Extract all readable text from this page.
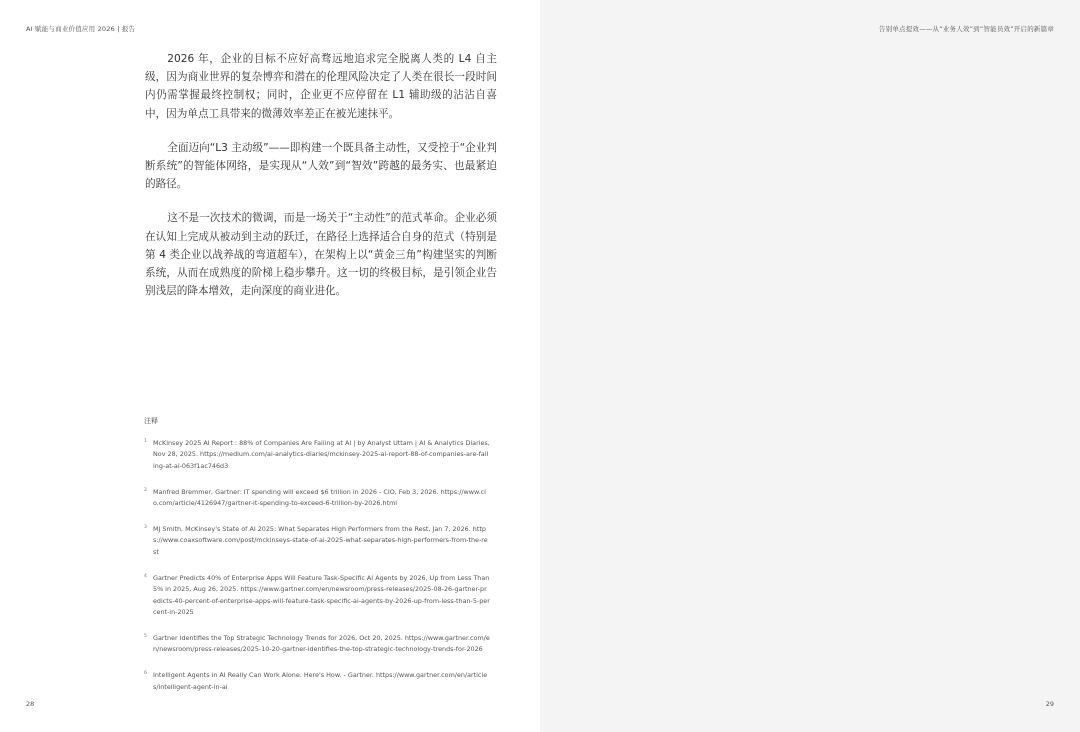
AI 赋能与商业价值应用 2026 | 报告

2026 年，企业的目标不应好高骛远地追求完全脱离人类的 L4 自主级，因为商业世界的复杂博弈和潜在的伦理风险决定了人类在很长一段时间内仍需掌握最终控制权；同时，企业更不应停留在 L1 辅助级的沾沾自喜中，因为单点工具带来的微薄效率差正在被光速抹平。

全面迈向“L3 主动级”——即构建一个既具备主动性，又受控于“企业判断系统”的智能体网络，是实现从“人效”到“智效”跨越的最务实、也最紧迫的路径。

这不是一次技术的微调，而是一场关于“主动性”的范式革命。企业必须在认知上完成从被动到主动的跃迁，在路径上选择适合自身的范式（特别是第 4 类企业以战养战的弯道超车），在架构上以“黄金三角”构建坚实的判断系统，从而在成熟度的阶梯上稳步攀升。这一切的终极目标，是引领企业告别浅层的降本增效，走向深度的商业进化。

注释
1 McKinsey 2025 AI Report : 88% of Companies Are Failing at AI | by Analyst Uttam | AI & Analytics Diaries, Nov 28, 2025. https://medium.com/ai-analytics-diaries/mckinsey-2025-ai-report-88-of-companies-are-failing-at-ai-063f1ac746d3
2 Manfred Bremmer, Gartner: IT spending will exceed $6 trillion in 2026 - CIO, Feb 3, 2026. https://www.cio.com/article/4126947/gartner-it-spending-to-exceed-6-trillion-by-2026.html
3 MJ Smith, McKinsey's State of AI 2025: What Separates High Performers from the Rest, Jan 7, 2026. https://www.coaxsoftware.com/post/mckinseys-state-of-ai-2025-what-separates-high-performers-from-the-rest
4 Gartner Predicts 40% of Enterprise Apps Will Feature Task-Specific AI Agents by 2026, Up from Less Than 5% in 2025, Aug 26, 2025. https://www.gartner.com/en/newsroom/press-releases/2025-08-26-gartner-predicts-40-percent-of-enterprise-apps-will-feature-task-specific-ai-agents-by-2026-up-from-less-than-5-percent-in-2025
5 Gartner Identifies the Top Strategic Technology Trends for 2026, Oct 20, 2025. https://www.gartner.com/en/newsroom/press-releases/2025-10-20-gartner-identifies-the-top-strategic-technology-trends-for-2026
6 Intelligent Agents in AI Really Can Work Alone. Here's How. - Gartner. https://www.gartner.com/en/articles/intelligent-agent-in-ai
28
告别单点提效——从“业务人效”到“智能员效”开启的新篇章
29
